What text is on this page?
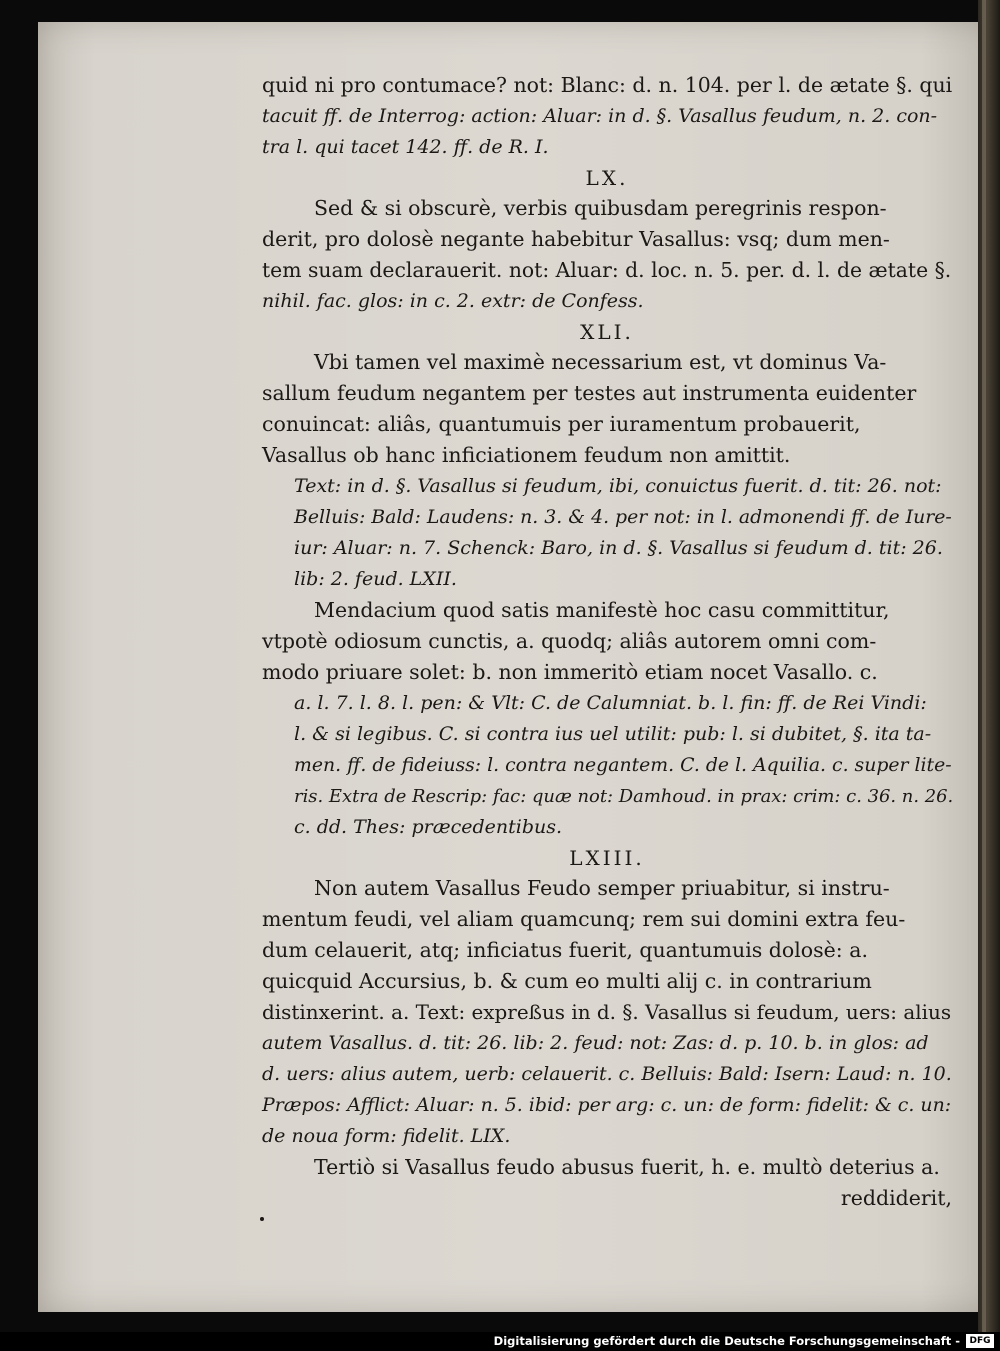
quid ni pro contumace? not: Blanc: d. n. 104. per l. de ætate §. qui
tacuit ff. de Interrog: action: Aluar: in d. §. Vasallus feudum, n. 2. con-
tra l. qui tacet 142. ff. de R. I.
LX.
Sed & si obscurè, verbis quibusdam peregrinis respon-
derit, pro dolosè negante habebitur Vasallus: vsq; dum men-
tem suam declarauerit. not: Aluar: d. loc. n. 5. per. d. l. de ætate §.
nihil. fac. glos: in c. 2. extr: de Confess.
XLI.
Vbi tamen vel maximè necessarium est, vt dominus Va-
sallum feudum negantem per testes aut instrumenta euidenter
conuincat: aliâs, quantumuis per iuramentum probauerit,
Vasallus ob hanc inficiationem feudum non amittit.
Text: in d. §. Vasallus si feudum, ibi, conuictus fuerit. d. tit: 26. not:
Belluis: Bald: Laudens: n. 3. & 4. per not: in l. admonendi ff. de Iure-
iur: Aluar: n. 7. Schenck: Baro, in d. §. Vasallus si feudum d. tit: 26.
lib: 2. feud. LXII.
Mendacium quod satis manifestè hoc casu committitur,
vtpotè odiosum cunctis, a. quodq; aliâs autorem omni com-
modo priuare solet: b. non immeritò etiam nocet Vasallo. c.
a. l. 7. l. 8. l. pen: & Vlt: C. de Calumniat. b. l. fin: ff. de Rei Vindi:
l. & si legibus. C. si contra ius uel utilit: pub: l. si dubitet, §. ita ta-
men. ff. de fideiuss: l. contra negantem. C. de l. Aquilia. c. super lite-
ris. Extra de Rescrip: fac: quæ not: Damhoud. in prax: crim: c. 36. n. 26.
c. dd. Thes: præcedentibus.
LXIII.
Non autem Vasallus Feudo semper priuabitur, si instru-
mentum feudi, vel aliam quamcunq; rem sui domini extra feu-
dum celauerit, atq; inficiatus fuerit, quantumuis dolosè: a.
quicquid Accursius, b. & cum eo multi alij c. in contrarium
distinxerint. a. Text: expreßus in d. §. Vasallus si feudum, uers: alius
autem Vasallus. d. tit: 26. lib: 2. feud: not: Zas: d. p. 10. b. in glos: ad
d. uers: alius autem, uerb: celauerit. c. Belluis: Bald: Isern: Laud: n. 10.
Præpos: Afflict: Aluar: n. 5. ibid: per arg: c. un: de form: fidelit: & c. un:
de noua form: fidelit. LIX.
Tertiò si Vasallus feudo abusus fuerit, h. e. multò deterius a.
reddiderit,
Digitalisierung gefördert durch die Deutsche Forschungsgemeinschaft -	DFG
